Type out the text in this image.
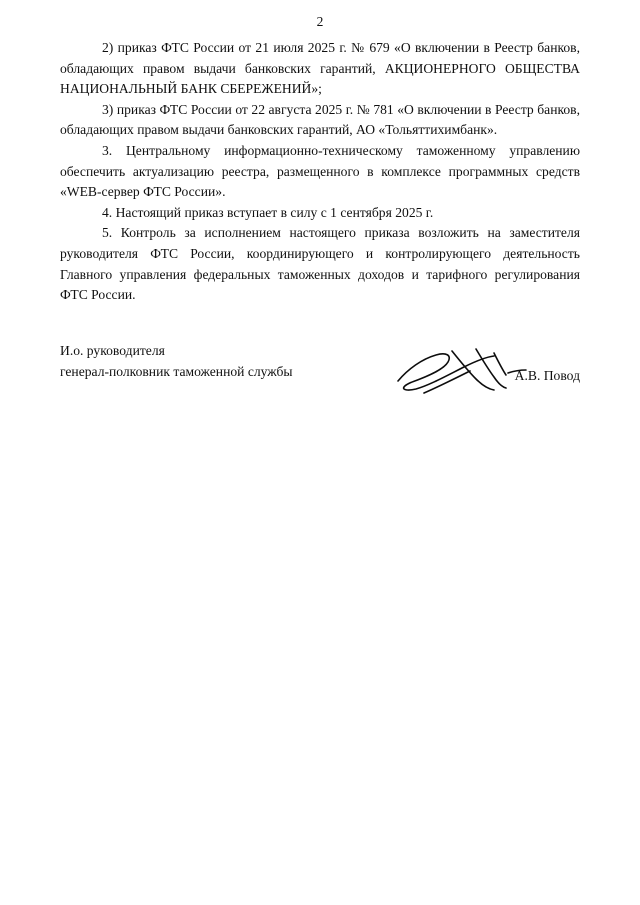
2

2) приказ ФТС России от 21 июля 2025 г. № 679 «О включении в Реестр банков, обладающих правом выдачи банковских гарантий, АКЦИОНЕРНОГО ОБЩЕСТВА НАЦИОНАЛЬНЫЙ БАНК СБЕРЕЖЕНИЙ»;

3) приказ ФТС России от 22 августа 2025 г. № 781 «О включении в Реестр банков, обладающих правом выдачи банковских гарантий, АО «Тольяттихимбанк».

3. Центральному информационно-техническому таможенному управлению обеспечить актуализацию реестра, размещенного в комплексе программных средств «WEB-сервер ФТС России».

4. Настоящий приказ вступает в силу с 1 сентября 2025 г.

5. Контроль за исполнением настоящего приказа возложить на заместителя руководителя ФТС России, координирующего и контролирующего деятельность Главного управления федеральных таможенных доходов и тарифного регулирования ФТС России.

И.о. руководителя
генерал-полковник таможенной службы	А.В. Повод
